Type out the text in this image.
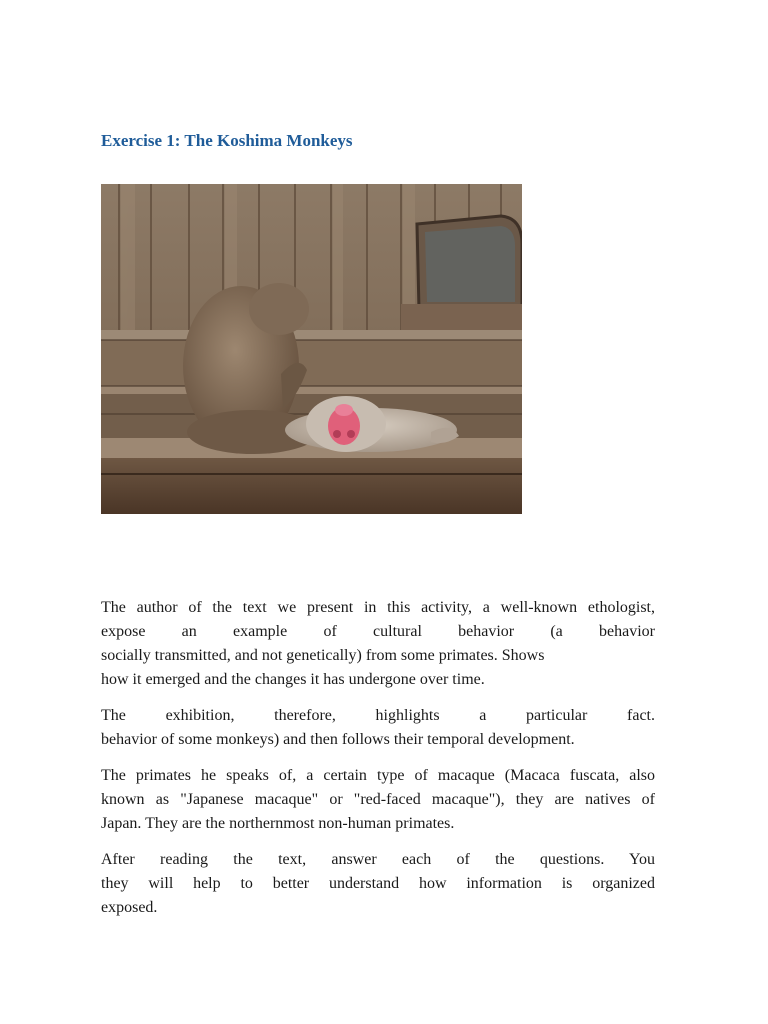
Exercise 1: The Koshima Monkeys

The author of the text we present in this activity, a well-known ethologist,
expose an example of cultural behavior (a behavior
socially transmitted, and not genetically) from some primates. Shows
how it emerged and the changes it has undergone over time.

The exhibition, therefore, highlights a particular fact.
behavior of some monkeys) and then follows their temporal development.

The primates he speaks of, a certain type of macaque (Macaca fuscata, also
known as "Japanese macaque" or "red-faced macaque"), they are natives of
Japan. They are the northernmost non-human primates.

After reading the text, answer each of the questions. You
they will help to better understand how information is organized
exposed.
